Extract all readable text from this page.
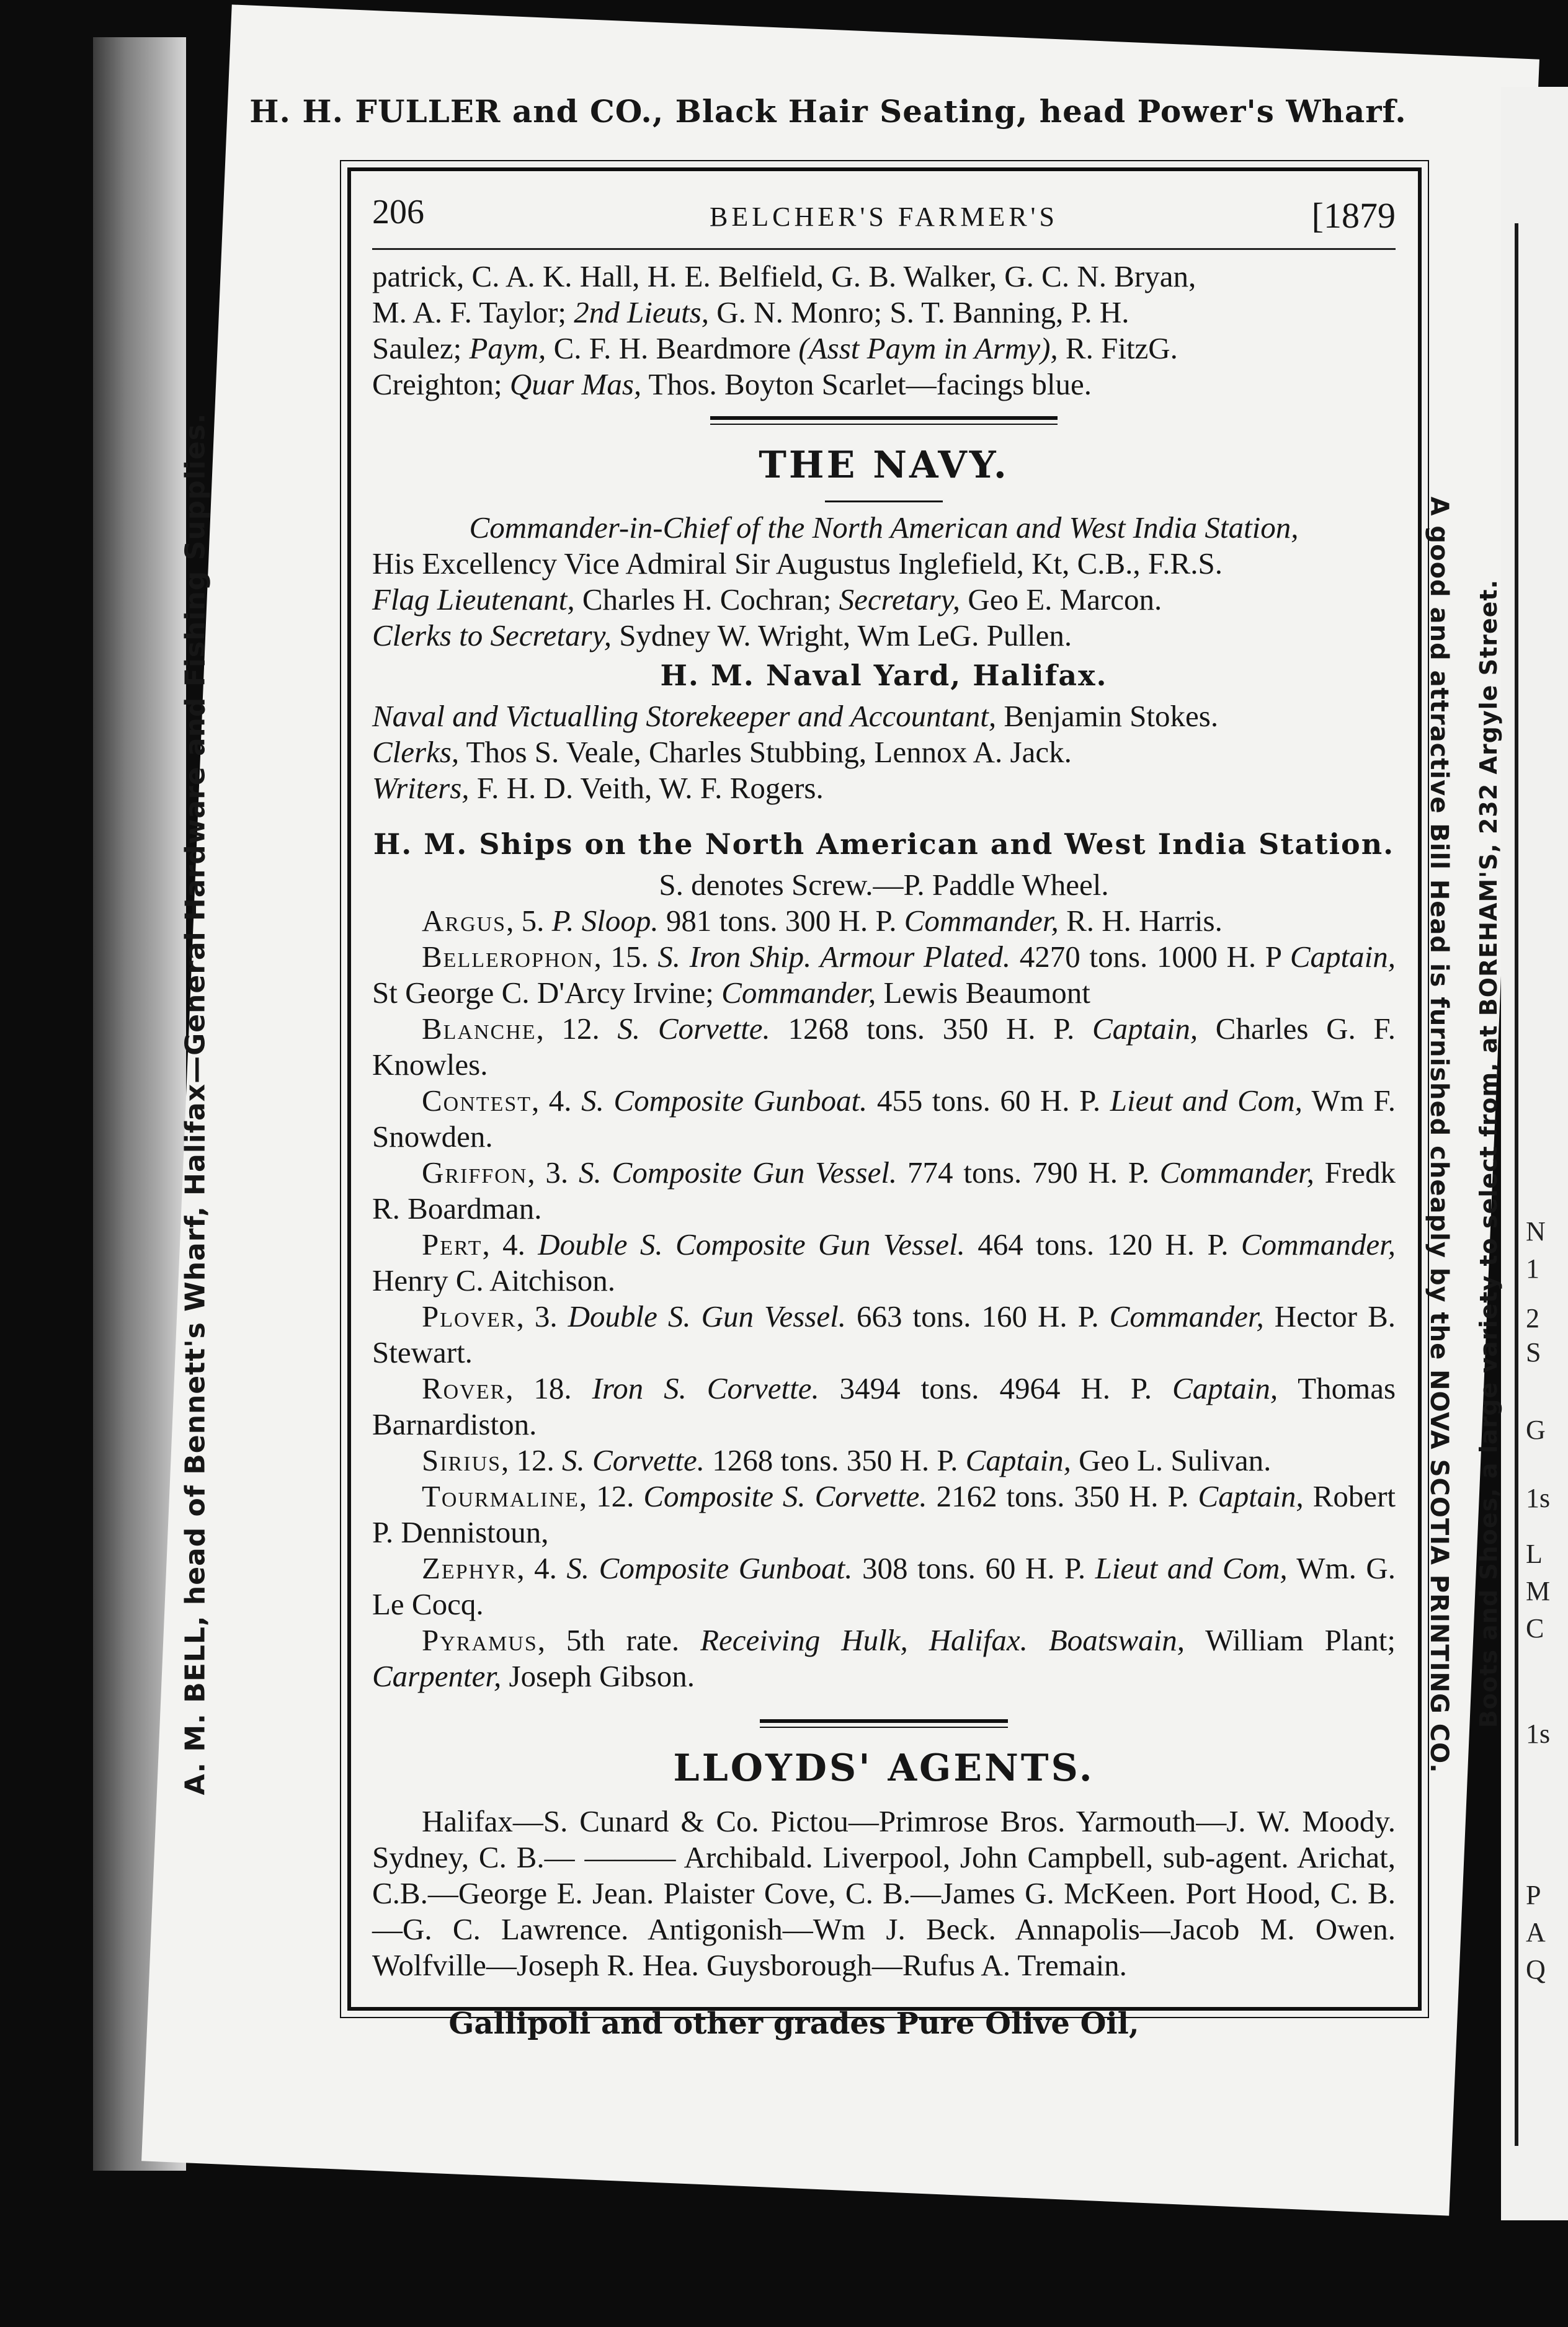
N
1
2
S
G
1s
L
M
C
1s
P
A
Q
H. H. FULLER and CO., Black Hair Seating, head Power's Wharf.
A. M. BELL, head of Bennett's Wharf, Halifax—General Hardware and Fishing Supplies.	A good and attractive Bill Head is furnished cheaply by the NOVA SCOTIA PRINTING CO. Boots and Shoes, a large variety to select from, at BOREHAM'S, 232 Argyle Street.
206	BELCHER'S FARMER'S	[1879

patrick, C. A. K. Hall, H. E. Belfield, G. B. Walker, G. C. N. Bryan,

M. A. F. Taylor; 2nd Lieuts, G. N. Monro; S. T. Banning, P. H.

Saulez; Paym, C. F. H. Beardmore (Asst Paym in Army), R. FitzG.

Creighton; Quar Mas, Thos. Boyton Scarlet—facings blue.

THE NAVY.

Commander-in-Chief of the North American and West India Station,

His Excellency Vice Admiral Sir Augustus Inglefield, Kt, C.B., F.R.S.

Flag Lieutenant, Charles H. Cochran; Secretary, Geo E. Marcon.

Clerks to Secretary, Sydney W. Wright, Wm LeG. Pullen.

H. M. Naval Yard, Halifax.

Naval and Victualling Storekeeper and Accountant, Benjamin Stokes.

Clerks, Thos S. Veale, Charles Stubbing, Lennox A. Jack.

Writers, F. H. D. Veith, W. F. Rogers.

H. M. Ships on the North American and West India Station.

S. denotes Screw.—P. Paddle Wheel.

Argus, 5. P. Sloop. 981 tons. 300 H. P. Commander, R. H. Harris.

Bellerophon, 15. S. Iron Ship. Armour Plated. 4270 tons. 1000 H. P Captain, St George C. D'Arcy Irvine; Commander, Lewis Beaumont

Blanche, 12. S. Corvette. 1268 tons. 350 H. P. Captain, Charles G. F. Knowles.

Contest, 4. S. Composite Gunboat. 455 tons. 60 H. P. Lieut and Com, Wm F. Snowden.

Griffon, 3. S. Composite Gun Vessel. 774 tons. 790 H. P. Commander, Fredk R. Boardman.

Pert, 4. Double S. Composite Gun Vessel. 464 tons. 120 H. P. Commander, Henry C. Aitchison.

Plover, 3. Double S. Gun Vessel. 663 tons. 160 H. P. Commander, Hector B. Stewart.

Rover, 18. Iron S. Corvette. 3494 tons. 4964 H. P. Captain, Thomas Barnardiston.

Sirius, 12. S. Corvette. 1268 tons. 350 H. P. Captain, Geo L. Sulivan.

Tourmaline, 12. Composite S. Corvette. 2162 tons. 350 H. P. Captain, Robert P. Dennistoun,

Zephyr, 4. S. Composite Gunboat. 308 tons. 60 H. P. Lieut and Com, Wm. G. Le Cocq.

Pyramus, 5th rate. Receiving Hulk, Halifax. Boatswain, William Plant; Carpenter, Joseph Gibson.

LLOYDS' AGENTS.

Halifax—S. Cunard & Co. Pictou—Primrose Bros. Yarmouth—J. W. Moody. Sydney, C. B.— ——— Archibald. Liverpool, John Campbell, sub-agent. Arichat, C.B.—George E. Jean. Plaister Cove, C. B.—James G. McKeen. Port Hood, C. B.—G. C. Lawrence. Antigonish—Wm J. Beck. Annapolis—Jacob M. Owen. Wolfville—Joseph R. Hea. Guysborough—Rufus A. Tremain.

Gallipoli and other grades Pure Olive Oil,
